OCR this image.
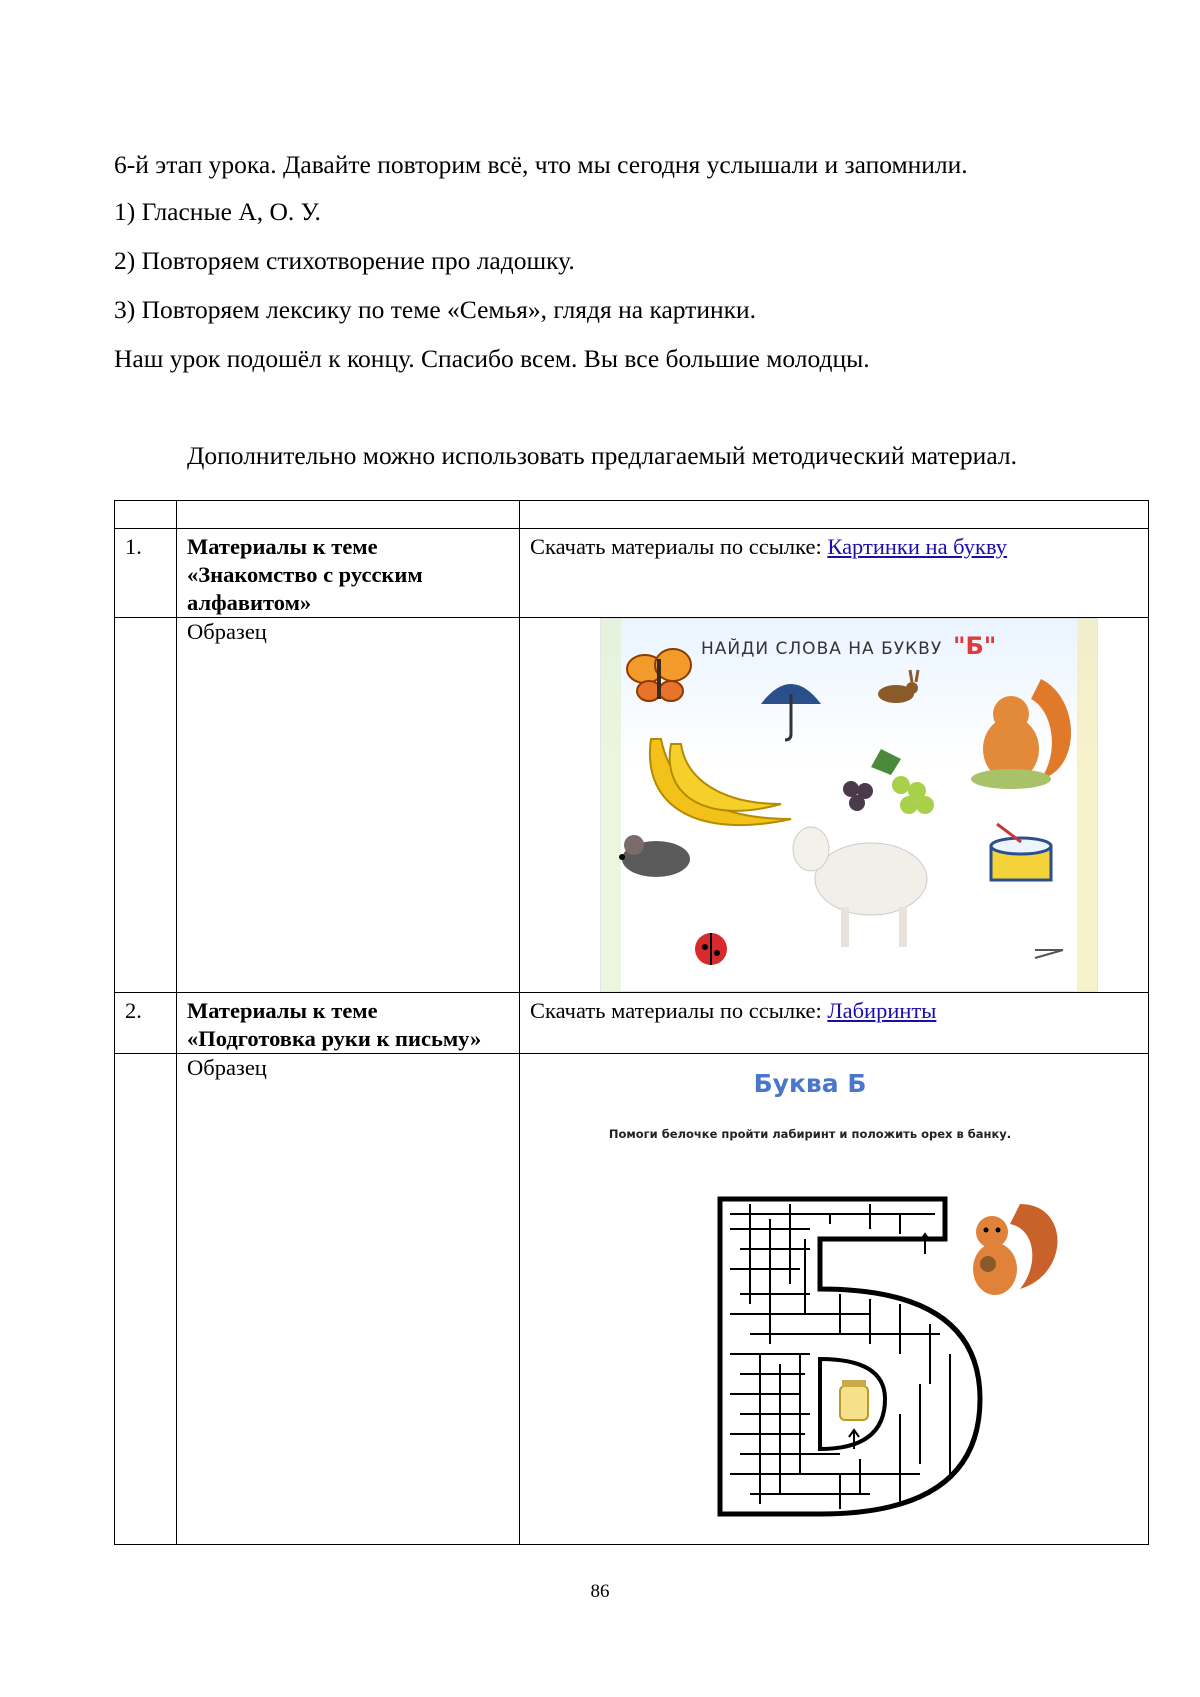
6-й этап урока. Давайте повторим всё, что мы сегодня услышали и запомнили.
1) Гласные А, О. У.
2) Повторяем стихотворение про ладошку.
3) Повторяем лексику по теме «Семья», глядя на картинки.
Наш урок подошёл к концу. Спасибо всем. Вы все большие молодцы.
Дополнительно можно использовать предлагаемый методический материал.

1.	Материалы к теме
«Знакомство с русским
алфавитом»	Скачать материалы по ссылке: Картинки на букву
	Образец	НАЙДИ СЛОВА НА БУКВУ "Б"

2.	Материалы к теме
«Подготовка руки к письму»	Скачать материалы по ссылке: Лабиринты
	Образец	Буква Б
Помоги белочке пройти лабиринт и положить орех в банку.
86
